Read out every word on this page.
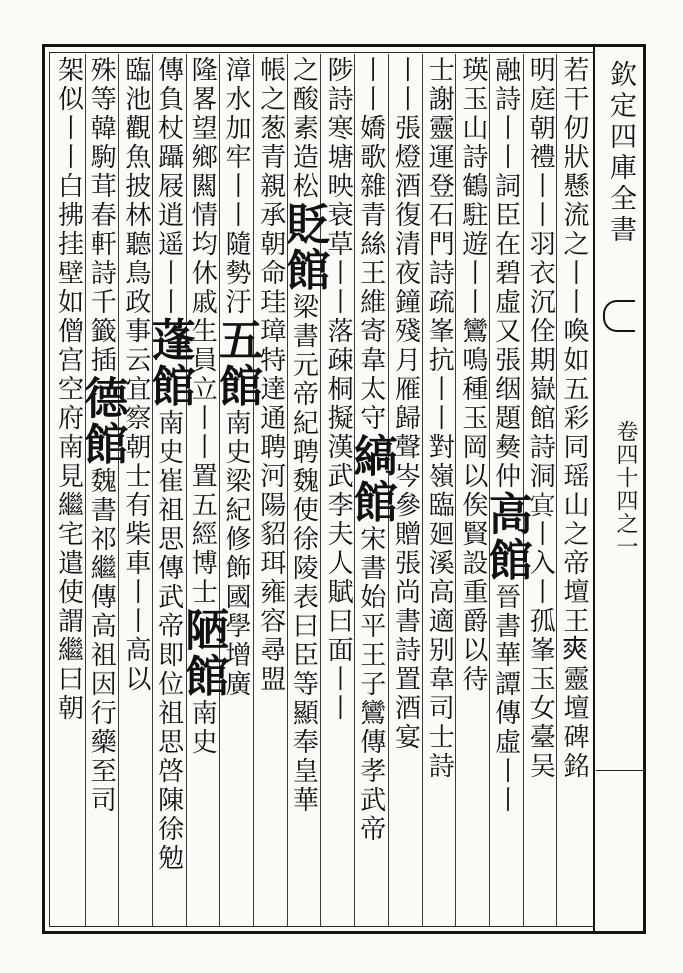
欽定四庫全書
卷四十四之一
若干仞狀懸流之丨丨喚如五彩同瑶山之帝壇王𡙁靈壇碑銘
明庭朝禮丨丨羽衣沉佺期嶽館詩洞𡨋丨入丨孤峯玉女臺吴
融詩丨丨詞臣在碧虛又張𬘡題𢑱仲高館晉書華譚傳虛丨丨
瑛玉山詩鶴駐遊丨丨鸞鳴種玉岡以俟賢設重爵以待
士謝靈運登石門詩疏峯抗丨丨對嶺臨廻溪高適别韋司士詩
丨丨張燈酒復清夜鐘殘月雁歸聲岑參贈張尚書詩置酒宴
丨丨嬌歌雜青絲王維寄韋太守縞館宋書始平王子鸞傳孝武帝
陟詩寒塘映衰草丨丨落疎桐擬漢武李夫人賦曰面丨丨
之酸素造松貶館梁書元帝紀聘魏使徐陵表曰臣等顯奉皇華
帳之葱青親承朝命珪璋特達通聘河陽貂珥雍容尋盟
漳水加牢丨丨隨勢汙五館南史梁紀修飾國學增廣
隆畧望鄉闗情均休戚生員立丨丨置五經博士陋館南史
傳負杖躡屐逍遥丨丨蓬館南史崔祖思傳武帝即位祖思啓陳徐勉
臨池觀魚披林聽鳥政事云宜察朝士有柴車丨丨高以
殊等韓駒茸春軒詩千籤插德館魏書祁繼傳高祖因行藥至司
架似丨丨白拂挂壁如僧宫空府南見繼宅遣使謂繼曰朝
